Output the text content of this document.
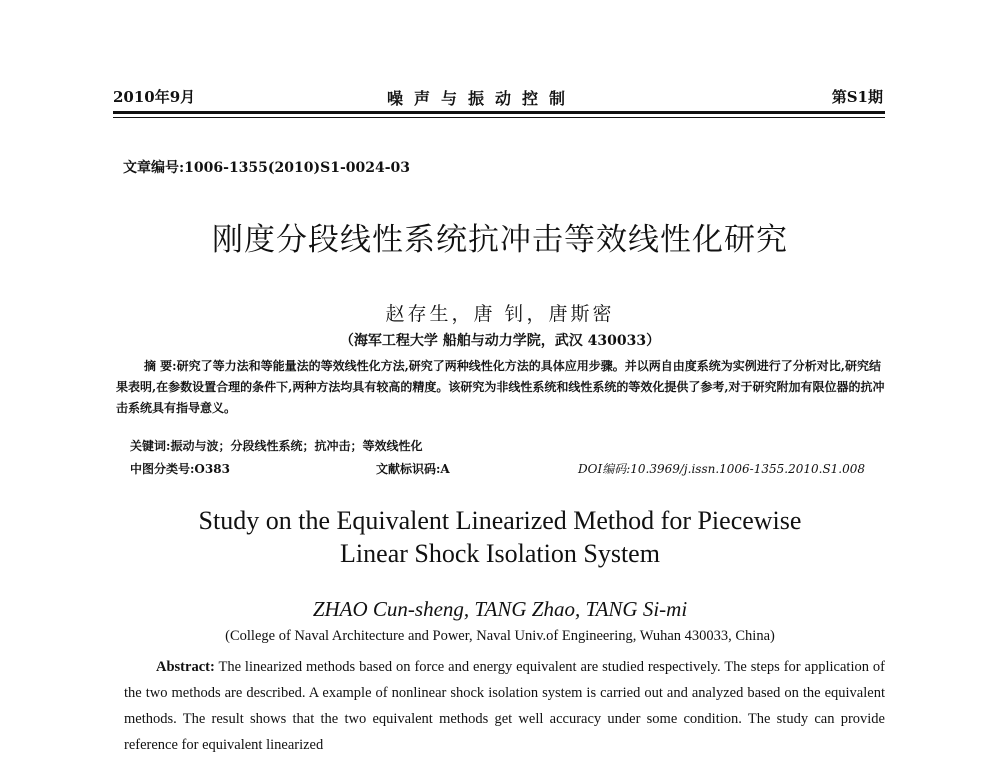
2010年9月	噪声与振动控制	第S1期
文章编号:1006-1355(2010)S1-0024-03
刚度分段线性系统抗冲击等效线性化研究
赵存生，唐 钊，唐斯密
（海军工程大学 船舶与动力学院，武汉 430033）
摘 要:研究了等力法和等能量法的等效线性化方法,研究了两种线性化方法的具体应用步骤。并以两自由度系统为实例进行了分析对比,研究结果表明,在参数设置合理的条件下,两种方法均具有较高的精度。该研究为非线性系统和线性系统的等效化提供了参考,对于研究附加有限位器的抗冲击系统具有指导意义。
关键词:振动与波；分段线性系统；抗冲击；等效线性化
中图分类号:O383	文献标识码:A	DOI编码:10.3969/j.issn.1006-1355.2010.S1.008
Study on the Equivalent Linearized Method for Piecewise
Linear Shock Isolation System
ZHAO Cun-sheng, TANG Zhao, TANG Si-mi
(College of Naval Architecture and Power, Naval Univ.of Engineering, Wuhan 430033, China)
Abstract: The linearized methods based on force and energy equivalent are studied respectively. The steps for application of the two methods are described. A example of nonlinear shock isolation system is carried out and analyzed based on the equivalent methods. The result shows that the two equivalent methods get well accuracy under some condition. The study can provide reference for equivalent linearized
